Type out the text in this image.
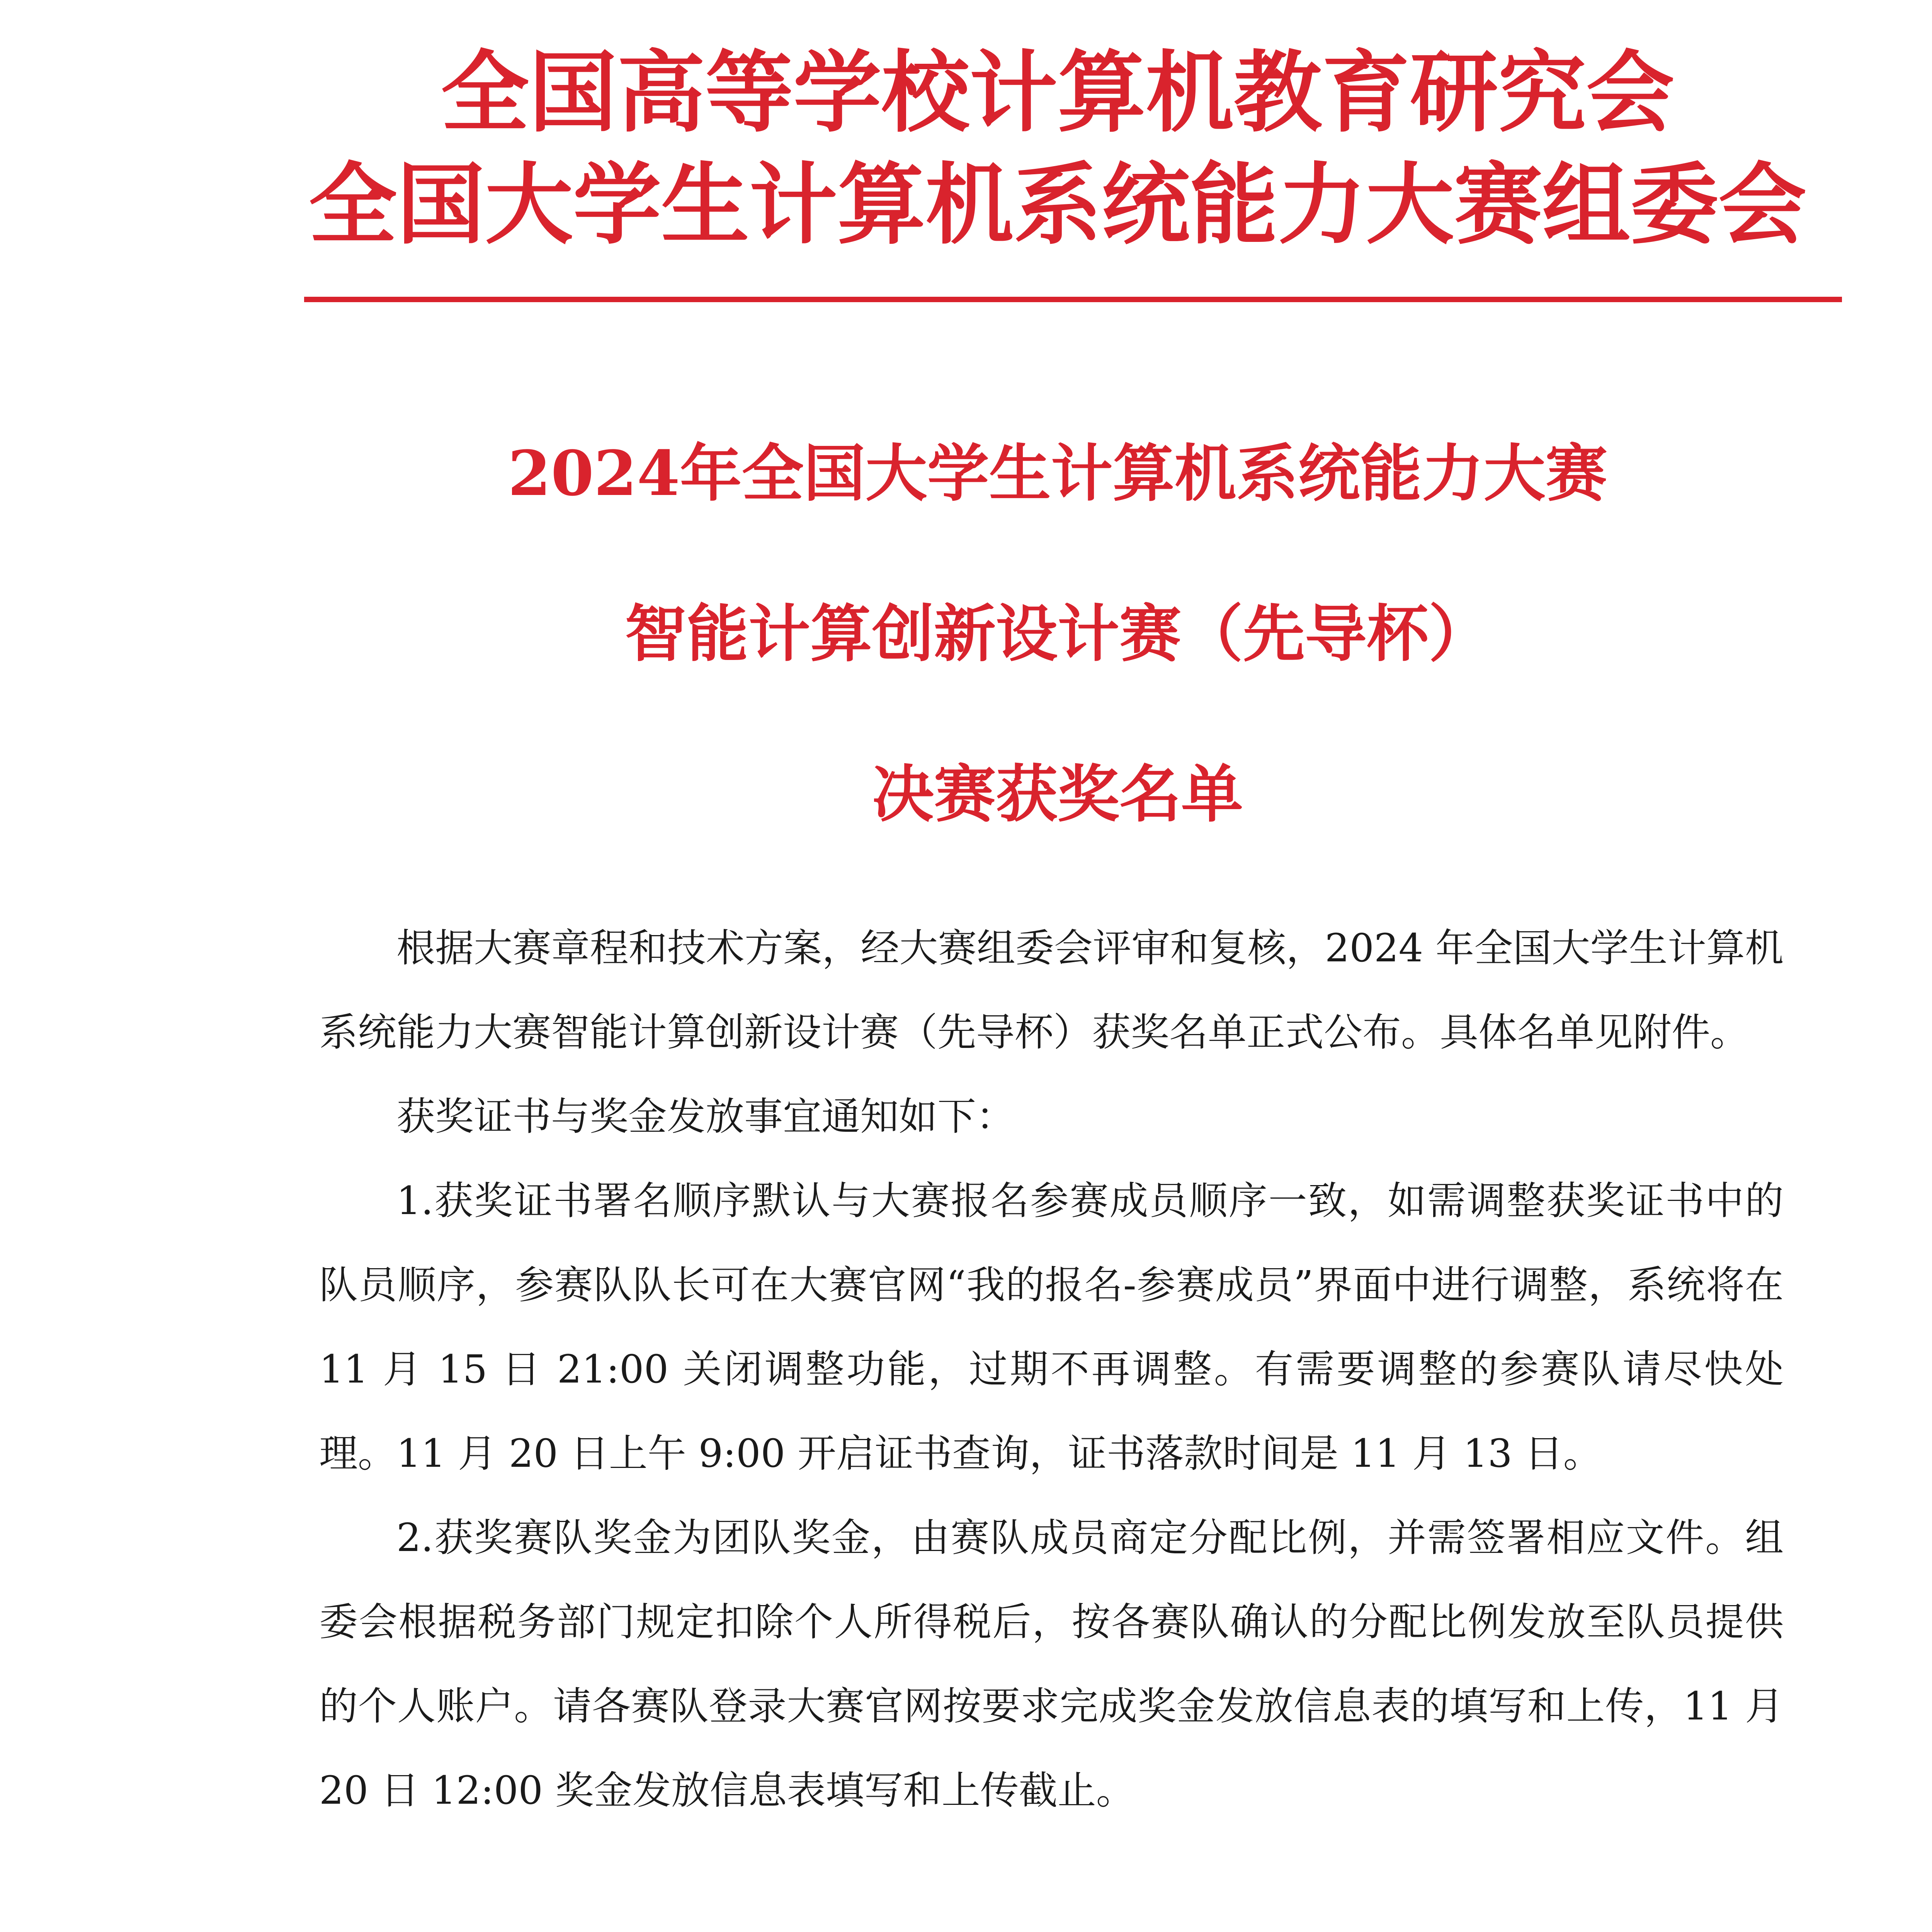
全国高等学校计算机教育研究会
全国大学生计算机系统能力大赛组委会
2024年全国大学生计算机系统能力大赛
智能计算创新设计赛（先导杯）
决赛获奖名单

根据大赛章程和技术方案，经大赛组委会评审和复核，2024 年全国大学生计算机系统能力大赛智能计算创新设计赛（先导杯）获奖名单正式公布。具体名单见附件。

获奖证书与奖金发放事宜通知如下：

1.获奖证书署名顺序默认与大赛报名参赛成员顺序一致，如需调整获奖证书中的队员顺序，参赛队队长可在大赛官网“我的报名-参赛成员”界面中进行调整，系统将在 11 月 15 日 21:00 关闭调整功能，过期不再调整。有需要调整的参赛队请尽快处理。11 月 20 日上午 9:00 开启证书查询，证书落款时间是 11 月 13 日。

2.获奖赛队奖金为团队奖金，由赛队成员商定分配比例，并需签署相应文件。组委会根据税务部门规定扣除个人所得税后，按各赛队确认的分配比例发放至队员提供的个人账户。请各赛队登录大赛官网按要求完成奖金发放信息表的填写和上传，11 月 20 日 12:00 奖金发放信息表填写和上传截止。
